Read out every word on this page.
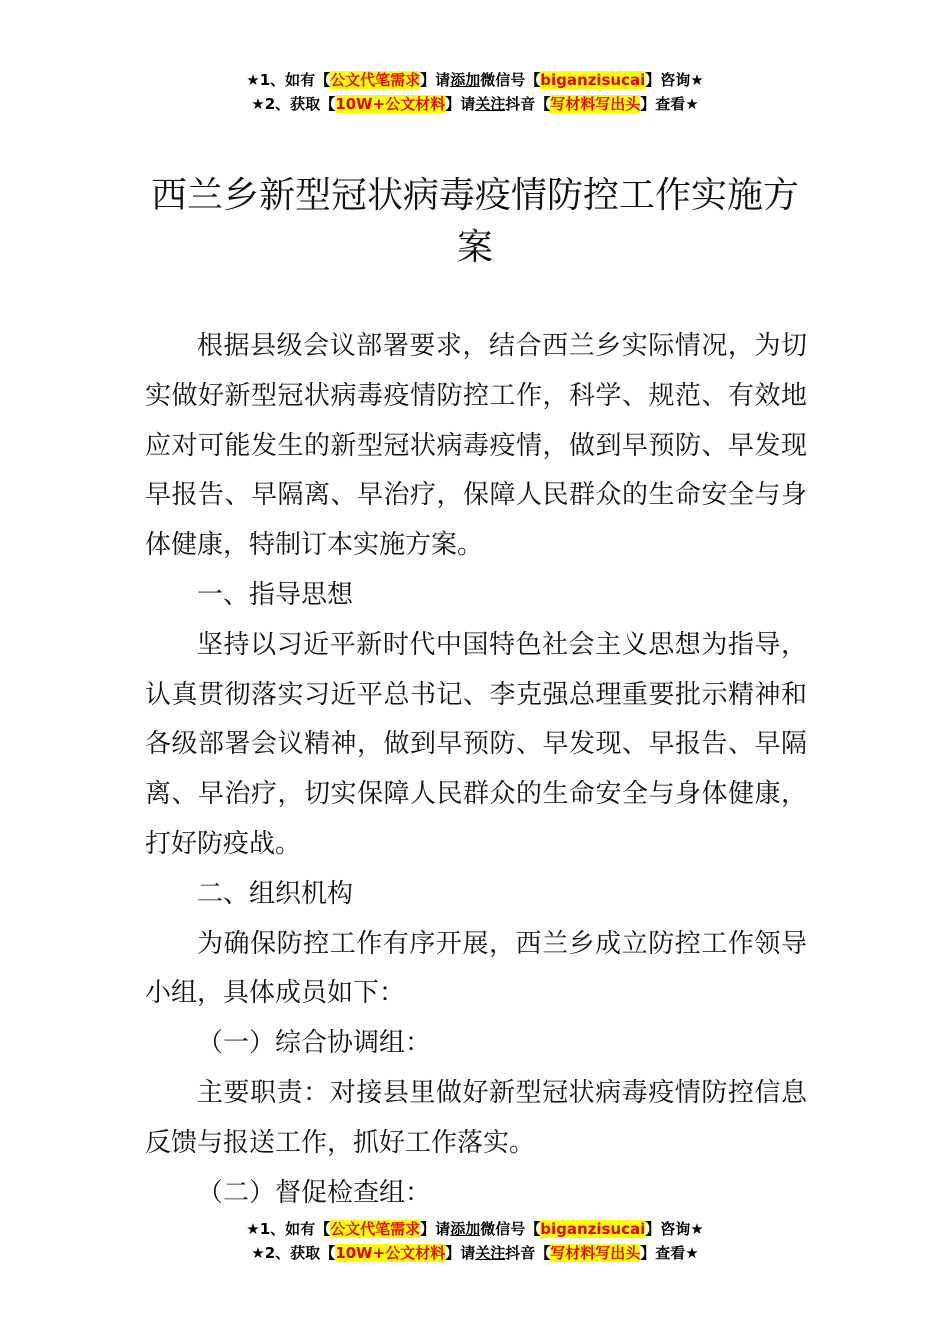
★1、如有【公文代笔需求】请添加微信号【biganzisucai】咨询★
★2、获取【10W+公文材料】请关注抖音【写材料写出头】查看★
西兰乡新型冠状病毒疫情防控工作实施方案

根据县级会议部署要求，结合西兰乡实际情况，为切实做好新型冠状病毒疫情防控工作，科学、规范、有效地应对可能发生的新型冠状病毒疫情，做到早预防、早发现早报告、早隔离、早治疗，保障人民群众的生命安全与身体健康，特制订本实施方案。

一、指导思想

坚持以习近平新时代中国特色社会主义思想为指导，认真贯彻落实习近平总书记、李克强总理重要批示精神和各级部署会议精神，做到早预防、早发现、早报告、早隔离、早治疗，切实保障人民群众的生命安全与身体健康，打好防疫战。

二、组织机构

为确保防控工作有序开展，西兰乡成立防控工作领导小组，具体成员如下：

（一）综合协调组：

主要职责：对接县里做好新型冠状病毒疫情防控信息反馈与报送工作，抓好工作落实。

（二）督促检查组：

★1、如有【公文代笔需求】请添加微信号【biganzisucai】咨询★
★2、获取【10W+公文材料】请关注抖音【写材料写出头】查看★
